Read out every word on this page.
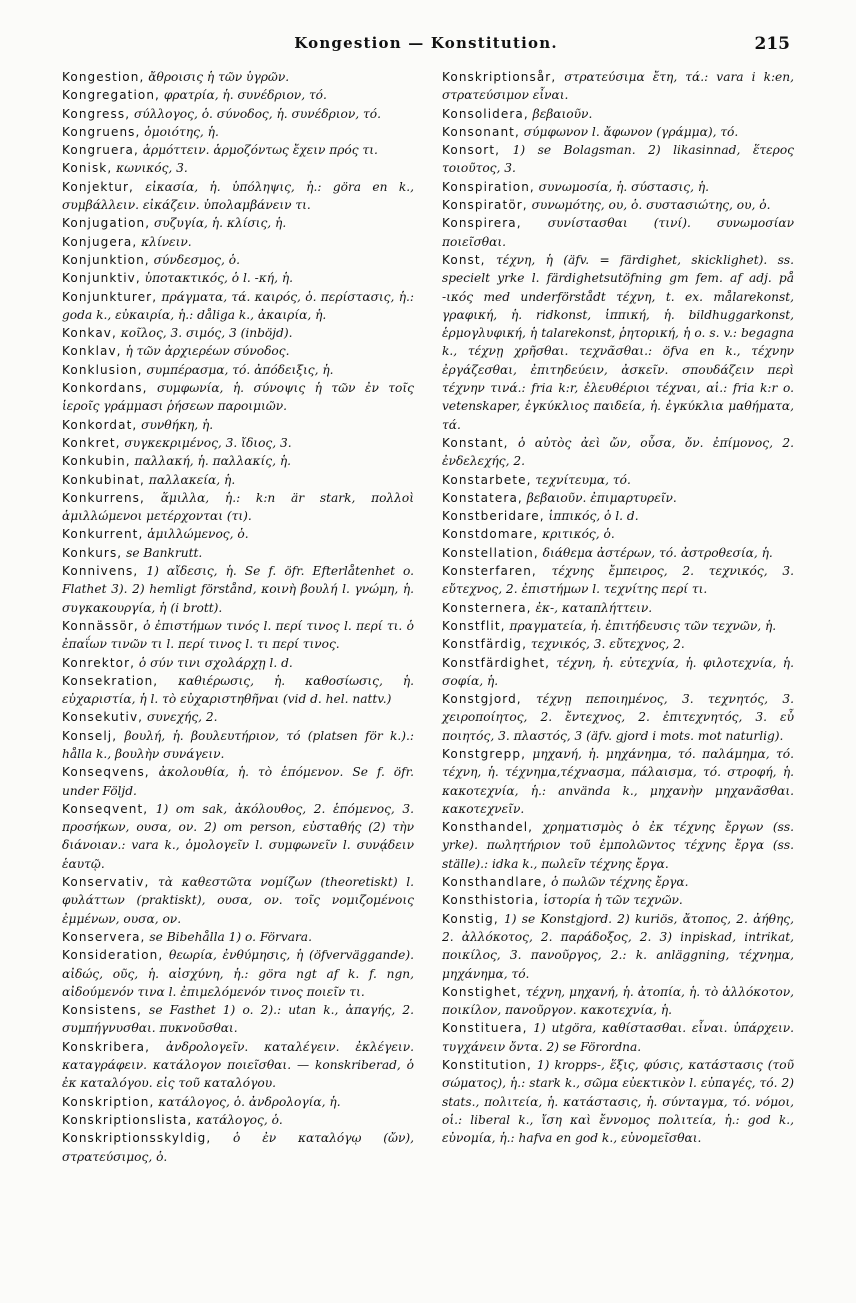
Kongestion — Konstitution.	215

Kongestion, ἄθροισις ἡ τῶν ὑγρῶν.

Kongregation, φρατρία, ἡ. συνέδριον, τό.

Kongress, σύλλογος, ὁ. σύνοδος, ἡ. συνέδριον, τό.

Kongruens, ὁμοιότης, ἡ.

Kongruera, ἁρμόττειν. ἁρμοζόντως ἔχειν πρός τι.

Konisk, κωνικός, 3.

Konjektur, εἰκασία, ἡ. ὑπόληψις, ἡ.: göra en k., συμβάλλειν. εἰκάζειν. ὑπολαμβάνειν τι.

Konjugation, συζυγία, ἡ. κλίσις, ἡ.

Konjugera, κλίνειν.

Konjunktion, σύνδεσμος, ὁ.

Konjunktiv, ὑποτακτικός, ὁ l. -κή, ἡ.

Konjunkturer, πράγματα, τά. καιρός, ὁ. περίστασις, ἡ.: goda k., εὐκαιρία, ἡ.: dåliga k., ἀκαιρία, ἡ.

Konkav, κοῖλος, 3. σιμός, 3 (inböjd).

Konklav, ἡ τῶν ἀρχιερέων σύνοδος.

Konklusion, συμπέρασμα, τό. ἀπόδειξις, ἡ.

Konkordans, συμφωνία, ἡ. σύνοψις ἡ τῶν ἐν τοῖς ἱεροῖς γράμμασι ῥήσεων παροιμιῶν.

Konkordat, συνθήκη, ἡ.

Konkret, συγκεκριμένος, 3. ἴδιος, 3.

Konkubin, παλλακή, ἡ. παλλακίς, ἡ.

Konkubinat, παλλακεία, ἡ.

Konkurrens, ἅμιλλα, ἡ.: k:n är stark, πολλοὶ ἁμιλλώμενοι μετέρχονται (τι).

Konkurrent, ἁμιλλώμενος, ὁ.

Konkurs, se Bankrutt.

Konnivens, 1) αἴδεσις, ἡ. Se f. öfr. Efterlåtenhet o. Flathet 3). 2) hemligt förstånd, κοινὴ βουλή l. γνώμη, ἡ. συγκακουργία, ἡ (i brott).

Konnässör, ὁ ἐπιστήμων τινός l. περί τινος l. περί τι. ὁ ἐπαΐων τινῶν τι l. περί τινος l. τι περί τινος.

Konrektor, ὁ σύν τινι σχολάρχῃ l. d.

Konsekration, καθιέρωσις, ἡ. καθοσίωσις, ἡ. εὐχαριστία, ἡ l. τὸ εὐχαριστηθῆναι (vid d. hel. nattv.)

Konsekutiv, συνεχής, 2.

Konselj, βουλή, ἡ. βουλευτήριον, τό (platsen för k.).: hålla k., βουλὴν συνάγειν.

Konseqvens, ἀκολουθία, ἡ. τὸ ἑπόμενον. Se f. öfr. under Följd.

Konseqvent, 1) om sak, ἀκόλουθος, 2. ἑπόμενος, 3. προσήκων, ουσα, ον. 2) om person, εὐσταθής (2) τὴν διάνοιαν.: vara k., ὁμολογεῖν l. συμφωνεῖν l. συνᾴδειν ἑαυτῷ.

Konservativ, τὰ καθεστῶτα νομίζων (theoretiskt) l. φυλάττων (praktiskt), ουσα, ον. τοῖς νομιζομένοις ἐμμένων, ουσα, ον.

Konservera, se Bibehålla 1) o. Förvara.

Konsideration, θεωρία, ἐνθύμησις, ἡ (öfverväggande). αἰδώς, οῦς, ἡ. αἰσχύνη, ἡ.: göra ngt af k. f. ngn, αἰδούμενόν τινα l. ἐπιμελόμενόν τινος ποιεῖν τι.

Konsistens, se Fasthet 1) o. 2).: utan k., ἀπαγής, 2. συμπήγνυσθαι. πυκνοῦσθαι.

Konskribera, ἀνδρολογεῖν. καταλέγειν. ἐκλέγειν. καταγράφειν. κατάλογον ποιεῖσθαι. — konskriberad, ὁ ἐκ καταλόγου. εἰς τοῦ καταλόγου.

Konskription, κατάλογος, ὁ. ἀνδρολογία, ἡ.

Konskriptionslista, κατάλογος, ὁ.

Konskriptionsskyldig, ὁ ἐν καταλόγῳ (ὤν), στρατεύσιμος, ὁ.

Konskriptionsår, στρατεύσιμα ἔτη, τά.: vara i k:en, στρατεύσιμον εἶναι.

Konsolidera, βεβαιοῦν.

Konsonant, σύμφωνον l. ἄφωνον (γράμμα), τό.

Konsort, 1) se Bolagsman. 2) likasinnad, ἕτερος τοιοῦτος, 3.

Konspiration, συνωμοσία, ἡ. σύστασις, ἡ.

Konspiratör, συνωμότης, ου, ὁ. συστασιώτης, ου, ὁ.

Konspirera, συνίστασθαι (τινί). συνωμοσίαν ποιεῖσθαι.

Konst, τέχνη, ἡ (äfv. = färdighet, skicklighet). ss. specielt yrke l. färdighetsutöfning gm fem. af adj. på -ικός med underförstådt τέχνη, t. ex. målarekonst, γραφική, ἡ. ridkonst, ἱππική, ἡ. bildhuggarkonst, ἑρμογλυφική, ἡ talarekonst, ῥητορική, ἡ o. s. v.: begagna k., τέχνῃ χρῆσθαι. τεχνᾶσθαι.: öfva en k., τέχνην ἐργάζεσθαι, ἐπιτηδεύειν, ἀσκεῖν. σπουδάζειν περὶ τέχνην τινά.: fria k:r, ἐλευθέριοι τέχναι, αἱ.: fria k:r o. vetenskaper, ἐγκύκλιος παιδεία, ἡ. ἐγκύκλια μαθήματα, τά.

Konstant, ὁ αὐτὸς ἀεὶ ὤν, οὖσα, ὄν. ἐπίμονος, 2. ἐνδελεχής, 2.

Konstarbete, τεχνίτευμα, τό.

Konstatera, βεβαιοῦν. ἐπιμαρτυρεῖν.

Konstberidare, ἱππικός, ὁ l. d.

Konstdomare, κριτικός, ὁ.

Konstellation, διάθεμα ἀστέρων, τό. ἀστροθεσία, ἡ.

Konsterfaren, τέχνης ἔμπειρος, 2. τεχνικός, 3. εὔτεχνος, 2. ἐπιστήμων l. τεχνίτης περί τι.

Konsternera, ἐκ-, καταπλήττειν.

Konstflit, πραγματεία, ἡ. ἐπιτήδευσις τῶν τεχνῶν, ἡ.

Konstfärdig, τεχνικός, 3. εὔτεχνος, 2.

Konstfärdighet, τέχνη, ἡ. εὐτεχνία, ἡ. φιλοτεχνία, ἡ. σοφία, ἡ.

Konstgjord, τέχνῃ πεποιημένος, 3. τεχνητός, 3. χειροποίητος, 2. ἔντεχνος, 2. ἐπιτεχνητός, 3. εὖ ποιητός, 3. πλαστός, 3 (äfv. gjord i mots. mot naturlig).

Konstgrepp, μηχανή, ἡ. μηχάνημα, τό. παλάμημα, τό. τέχνη, ἡ. τέχνημα,τέχνασμα, πάλαισμα, τό. στροφή, ἡ. κακοτεχνία, ἡ.: använda k., μηχανὴν μηχανᾶσθαι. κακοτεχνεῖν.

Konsthandel, χρηματισμὸς ὁ ἐκ τέχνης ἔργων (ss. yrke). πωλητήριον τοῦ ἐμπολῶντος τέχνης ἔργα (ss. ställe).: idka k., πωλεῖν τέχνης ἔργα.

Konsthandlare, ὁ πωλῶν τέχνης ἔργα.

Konsthistoria, ἱστορία ἡ τῶν τεχνῶν.

Konstig, 1) se Konstgjord. 2) kuriös, ἄτοπος, 2. ἀήθης, 2. ἀλλόκοτος, 2. παράδοξος, 2. 3) inpiskad, intrikat, ποικίλος, 3. πανοῦργος, 2.: k. anläggning, τέχνημα, μηχάνημα, τό.

Konstighet, τέχνη, μηχανή, ἡ. ἀτοπία, ἡ. τὸ ἀλλόκοτον, ποικίλον, πανοῦργον. κακοτεχνία, ἡ.

Konstituera, 1) utgöra, καθίστασθαι. εἶναι. ὑπάρχειν. τυγχάνειν ὄντα. 2) se Förordna.

Konstitution, 1) kropps-, ἕξις, φύσις, κατάστασις (τοῦ σώματος), ἡ.: stark k., σῶμα εὐεκτικὸν l. εὐπαγές, τό. 2) stats., πολιτεία, ἡ. κατάστασις, ἡ. σύνταγμα, τό. νόμοι, οἱ.: liberal k., ἴση καὶ ἔννομος πολιτεία, ἡ.: god k., εὐνομία, ἡ.: hafva en god k., εὐνομεῖσθαι.
